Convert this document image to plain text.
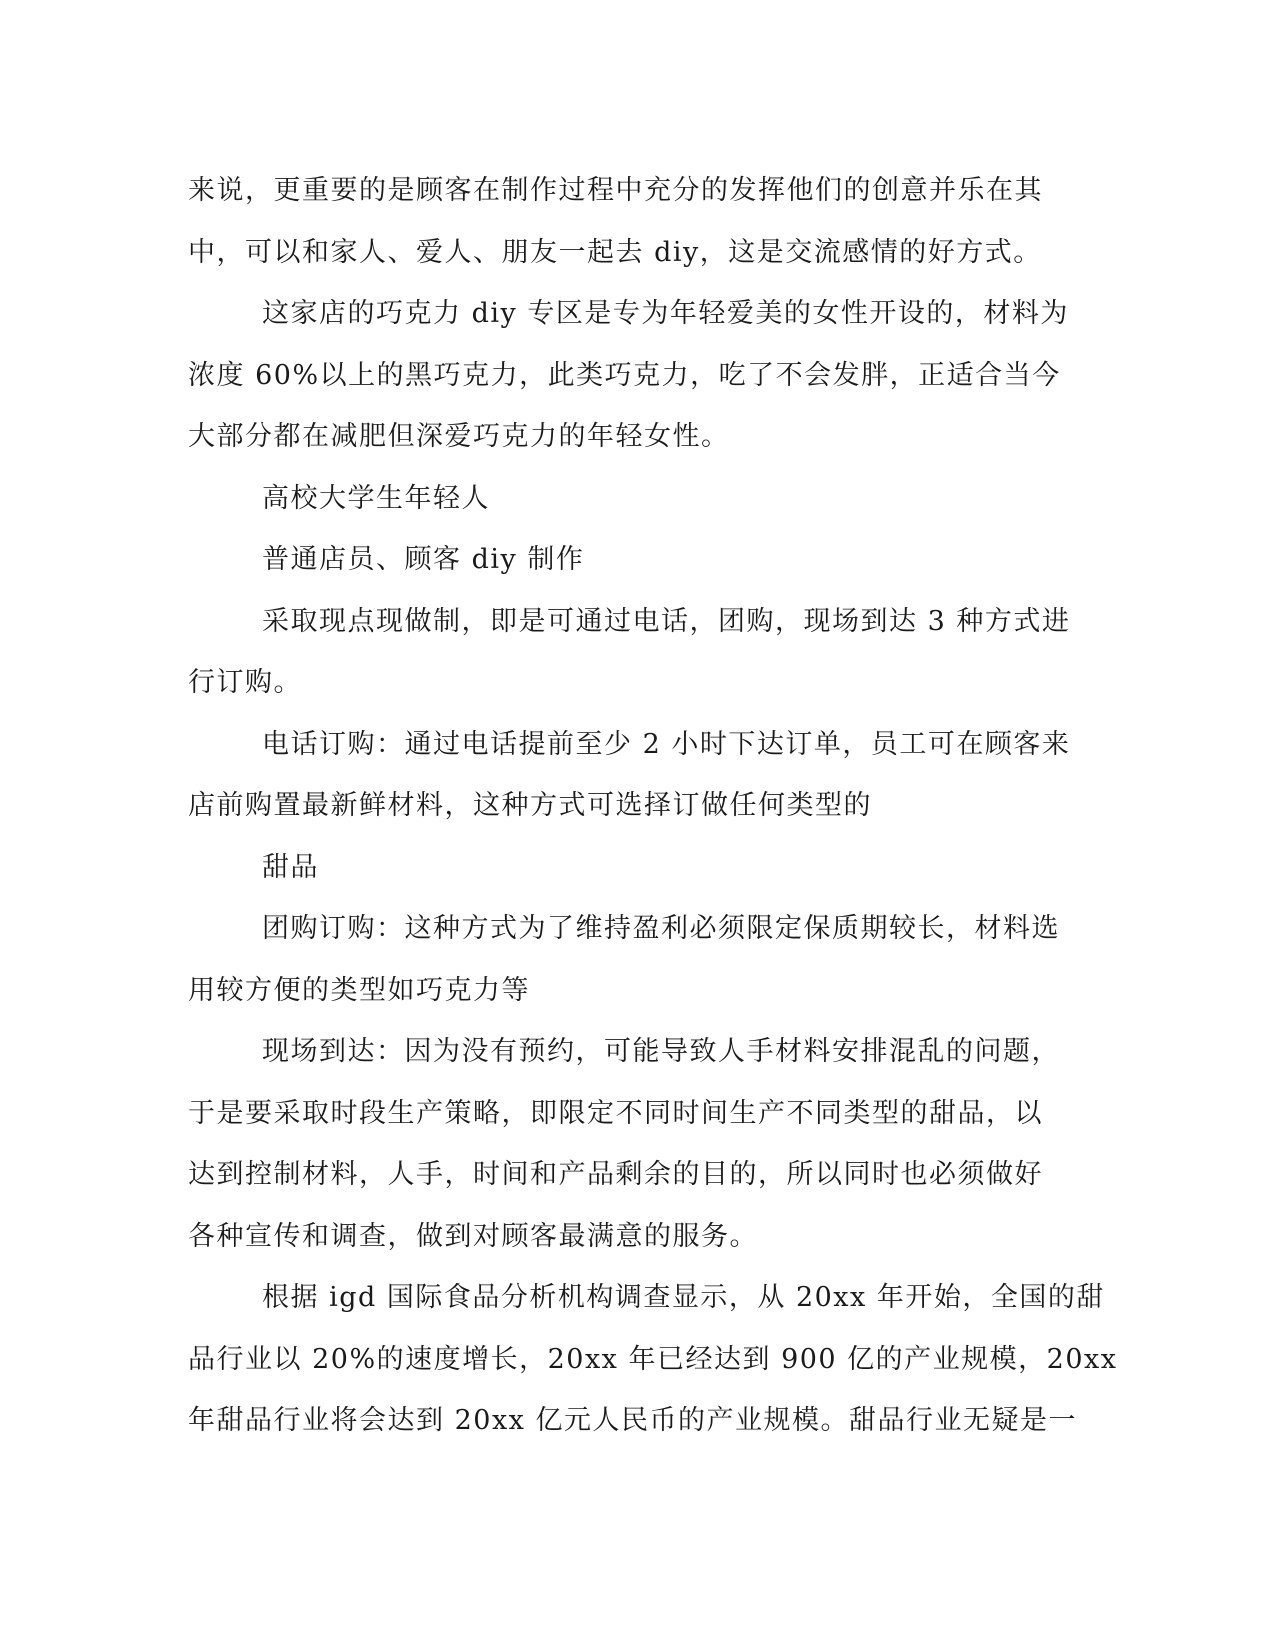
来说，更重要的是顾客在制作过程中充分的发挥他们的创意并乐在其
中，可以和家人、爱人、朋友一起去 diy，这是交流感情的好方式。
这家店的巧克力 diy 专区是专为年轻爱美的女性开设的，材料为
浓度 60%以上的黑巧克力，此类巧克力，吃了不会发胖，正适合当今
大部分都在减肥但深爱巧克力的年轻女性。
高校大学生年轻人
普通店员、顾客 diy 制作
采取现点现做制，即是可通过电话，团购，现场到达 3 种方式进
行订购。
电话订购：通过电话提前至少 2 小时下达订单，员工可在顾客来
店前购置最新鲜材料，这种方式可选择订做任何类型的
甜品
团购订购：这种方式为了维持盈利必须限定保质期较长，材料选
用较方便的类型如巧克力等
现场到达：因为没有预约，可能导致人手材料安排混乱的问题，
于是要采取时段生产策略，即限定不同时间生产不同类型的甜品，以
达到控制材料，人手，时间和产品剩余的目的，所以同时也必须做好
各种宣传和调查，做到对顾客最满意的服务。
根据 igd 国际食品分析机构调查显示，从 20xx 年开始，全国的甜
品行业以 20%的速度增长，20xx 年已经达到 900 亿的产业规模，20xx
年甜品行业将会达到 20xx 亿元人民币的产业规模。甜品行业无疑是一
